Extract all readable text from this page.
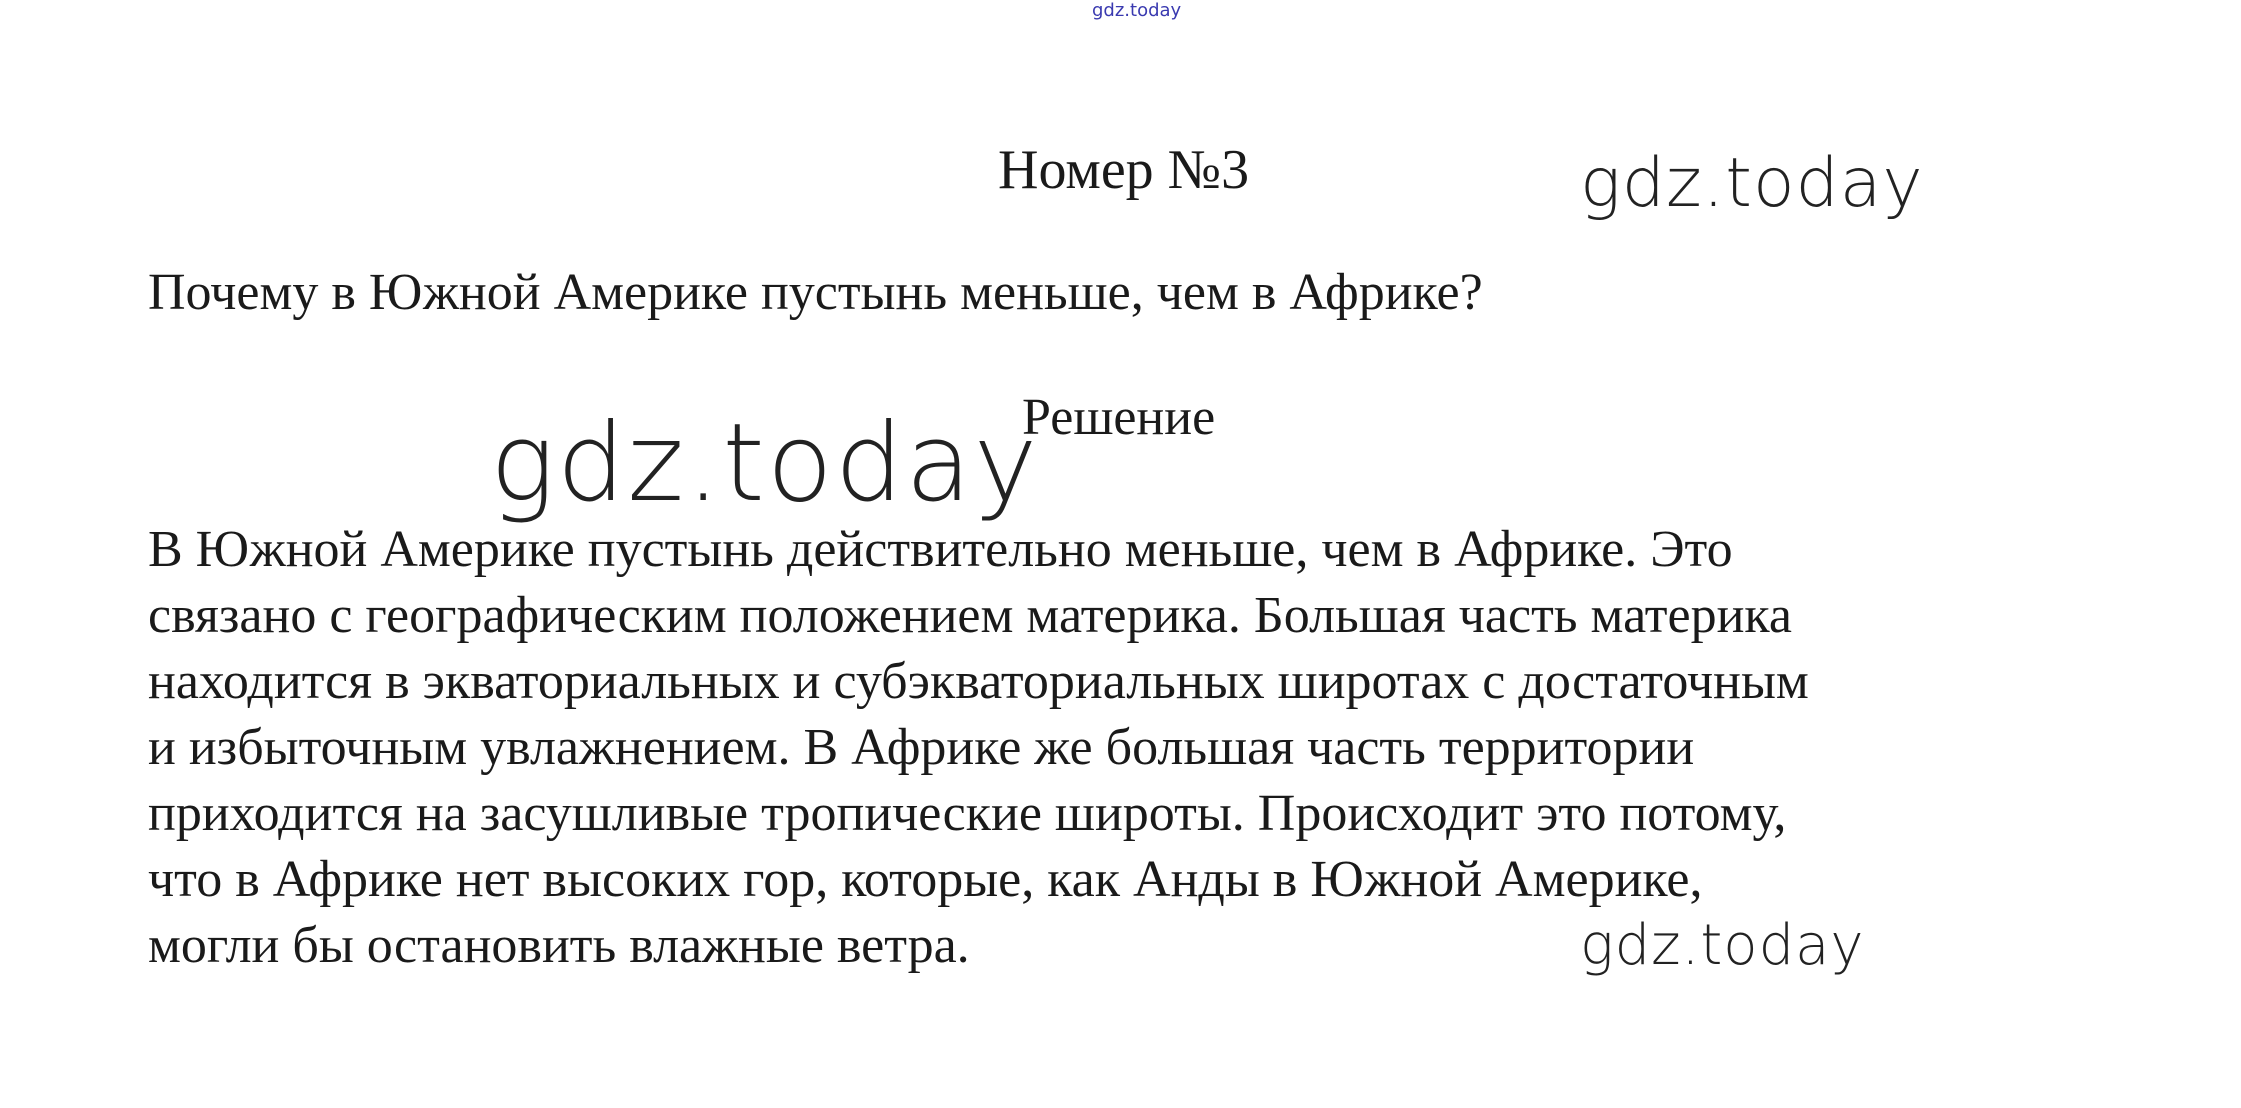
gdz.today
Номер №3	gdz.today
Почему в Южной Америке пустынь меньше, чем в Африке?
gdz.today
Решение
В Южной Америке пустынь действительно меньше, чем в Африке. Это
связано с географическим положением материка. Большая часть материка
находится в экваториальных и субэкваториальных широтах с достаточным
и избыточным увлажнением. В Африке же большая часть территории
приходится на засушливые тропические широты. Происходит это потому,
что в Африке нет высоких гор, которые, как Анды в Южной Америке,
могли бы остановить влажные ветра.	gdz.today
